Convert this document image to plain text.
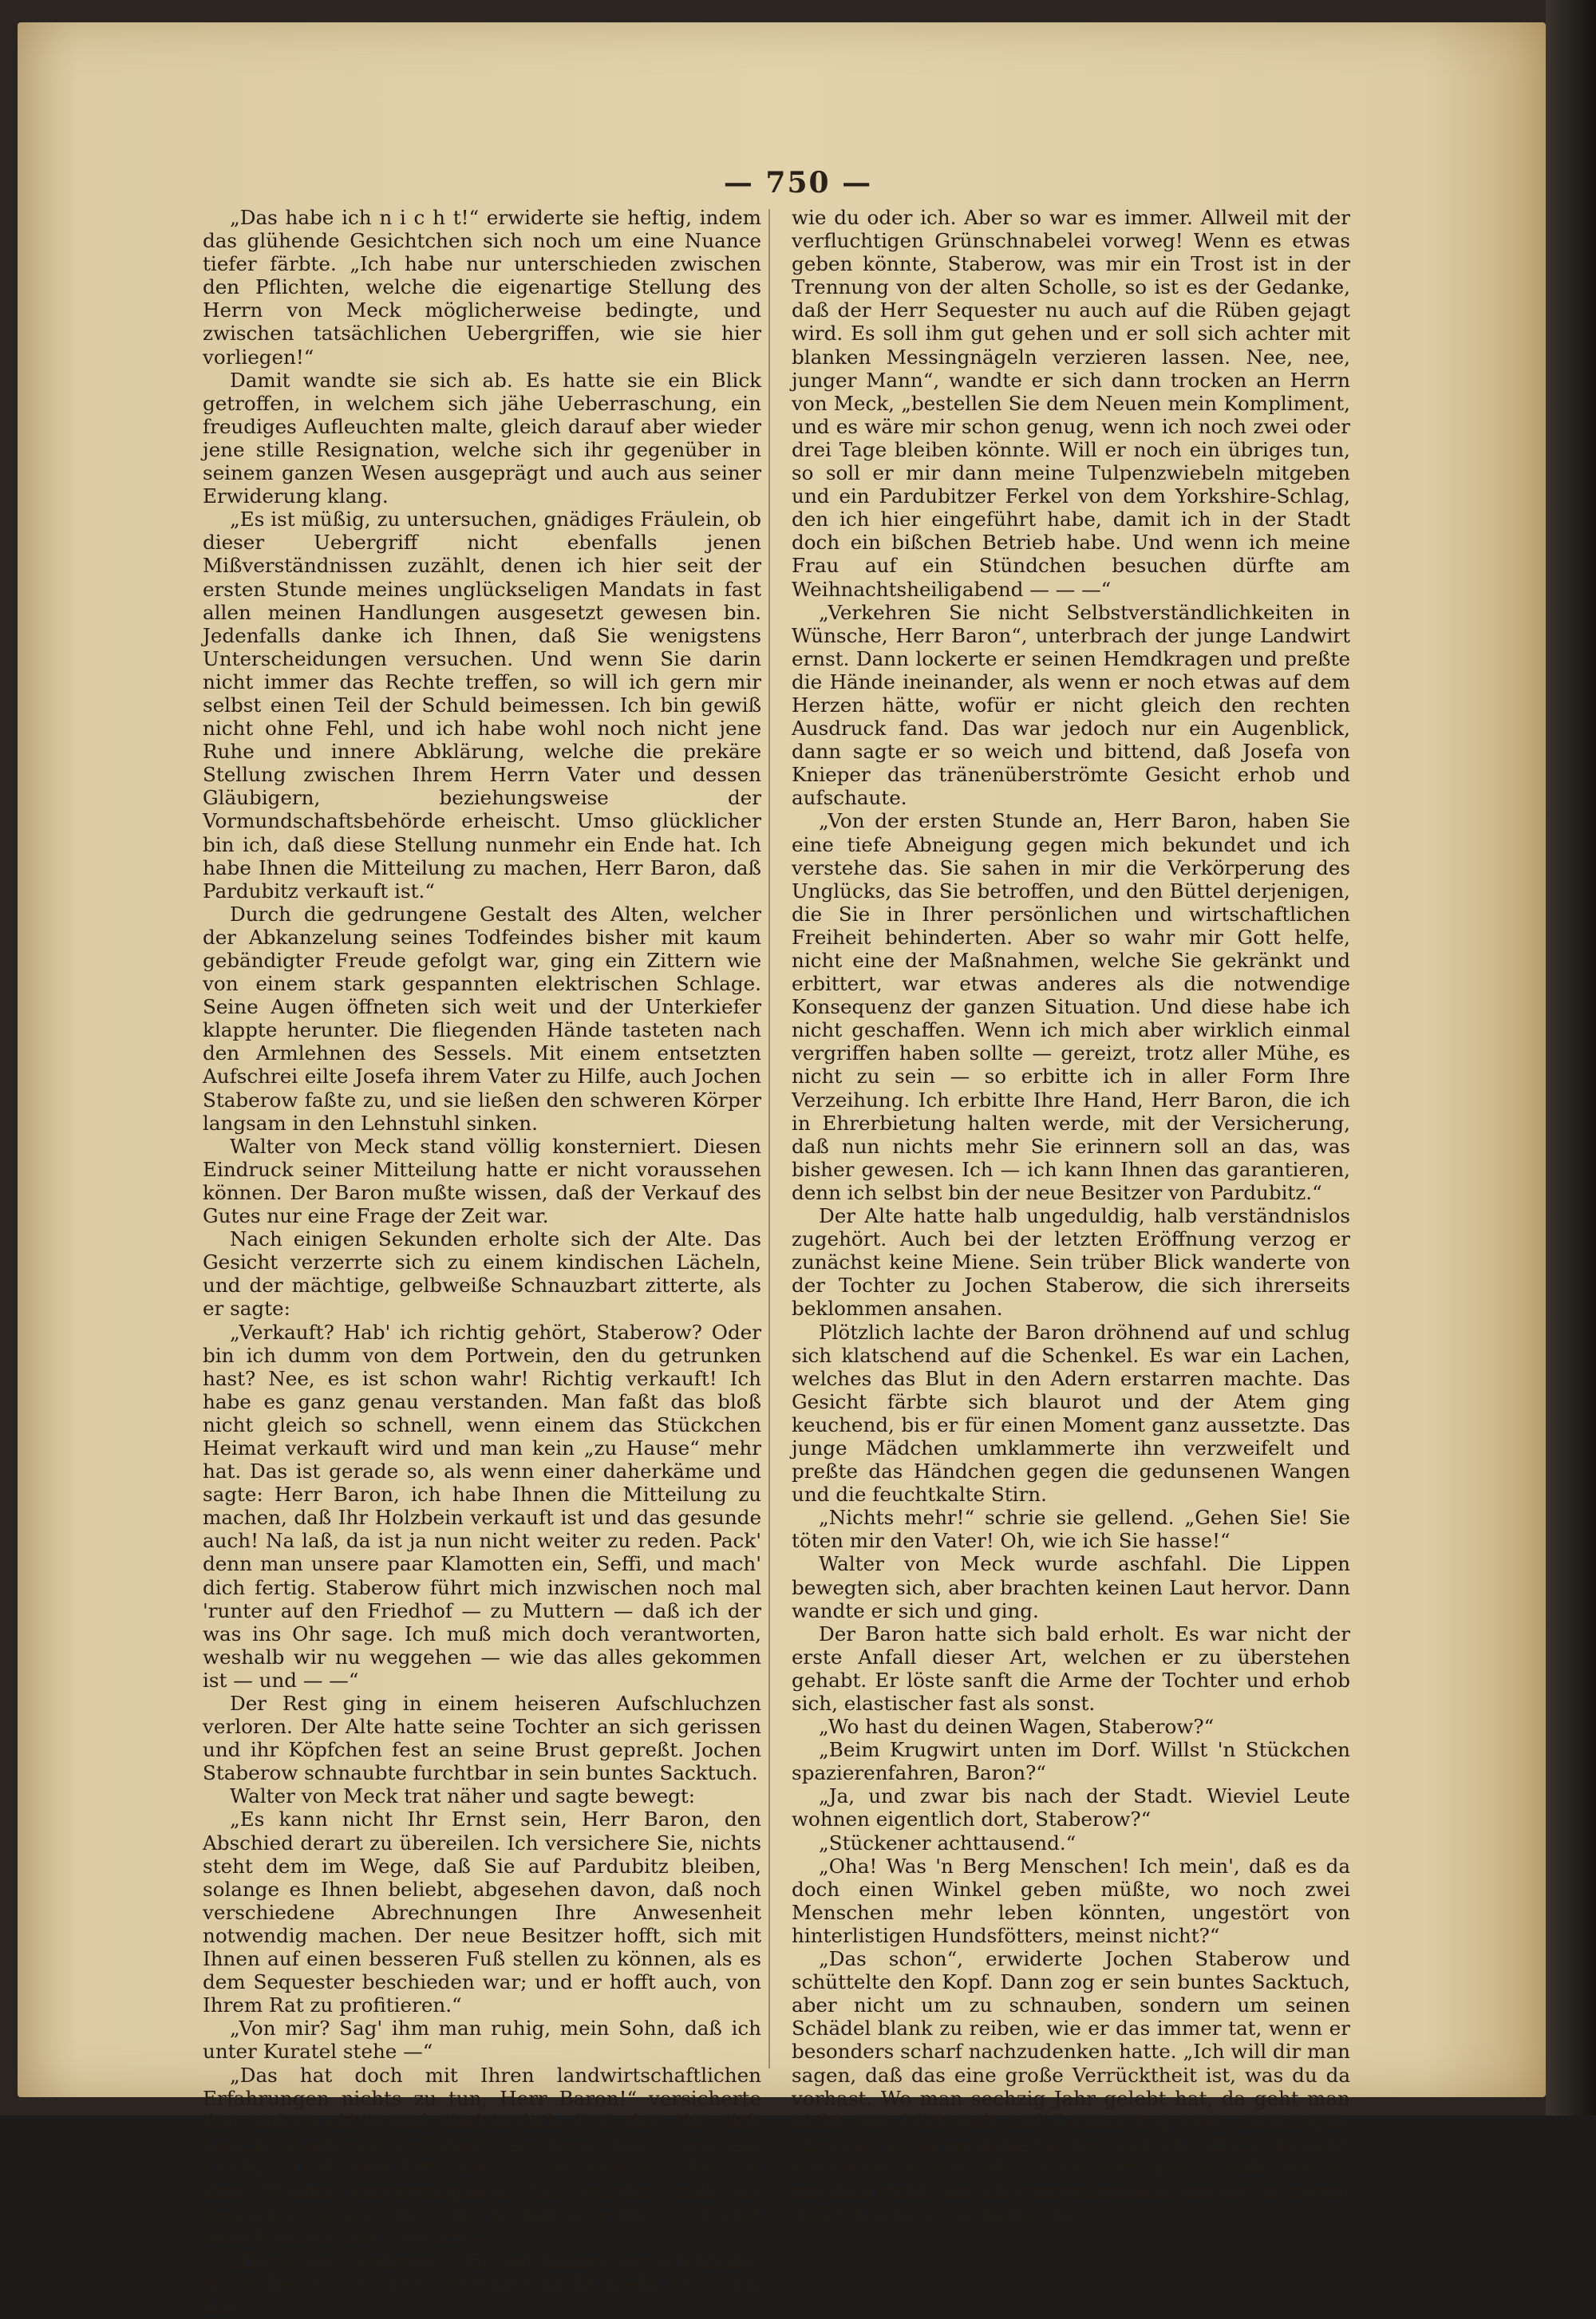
— 750 —

„Das habe ich n i c h t!“ erwiderte sie heftig, indem das glühende Gesichtchen sich noch um eine Nuance tiefer färbte. „Ich habe nur unterschieden zwischen den Pflichten, welche die eigenartige Stellung des Herrn von Meck möglicherweise bedingte, und zwischen tatsächlichen Uebergriffen, wie sie hier vorliegen!“

Damit wandte sie sich ab. Es hatte sie ein Blick getroffen, in welchem sich jähe Ueberraschung, ein freudiges Aufleuchten malte, gleich darauf aber wieder jene stille Resignation, welche sich ihr gegenüber in seinem ganzen Wesen ausgeprägt und auch aus seiner Erwiderung klang.

„Es ist müßig, zu untersuchen, gnädiges Fräulein, ob dieser Uebergriff nicht ebenfalls jenen Mißverständnissen zuzählt, denen ich hier seit der ersten Stunde meines unglückseligen Mandats in fast allen meinen Handlungen ausgesetzt gewesen bin. Jedenfalls danke ich Ihnen, daß Sie wenigstens Unterscheidungen versuchen. Und wenn Sie darin nicht immer das Rechte treffen, so will ich gern mir selbst einen Teil der Schuld beimessen. Ich bin gewiß nicht ohne Fehl, und ich habe wohl noch nicht jene Ruhe und innere Abklärung, welche die prekäre Stellung zwischen Ihrem Herrn Vater und dessen Gläubigern, beziehungsweise der Vormundschaftsbehörde erheischt. Umso glücklicher bin ich, daß diese Stellung nunmehr ein Ende hat. Ich habe Ihnen die Mitteilung zu machen, Herr Baron, daß Pardubitz verkauft ist.“

Durch die gedrungene Gestalt des Alten, welcher der Abkanzelung seines Todfeindes bisher mit kaum gebändigter Freude gefolgt war, ging ein Zittern wie von einem stark gespannten elektrischen Schlage. Seine Augen öffneten sich weit und der Unterkiefer klappte herunter. Die fliegenden Hände tasteten nach den Armlehnen des Sessels. Mit einem entsetzten Aufschrei eilte Josefa ihrem Vater zu Hilfe, auch Jochen Staberow faßte zu, und sie ließen den schweren Körper langsam in den Lehnstuhl sinken.

Walter von Meck stand völlig konsterniert. Diesen Eindruck seiner Mitteilung hatte er nicht voraussehen können. Der Baron mußte wissen, daß der Verkauf des Gutes nur eine Frage der Zeit war.

Nach einigen Sekunden erholte sich der Alte. Das Gesicht verzerrte sich zu einem kindischen Lächeln, und der mächtige, gelbweiße Schnauzbart zitterte, als er sagte:

„Verkauft? Hab' ich richtig gehört, Staberow? Oder bin ich dumm von dem Portwein, den du getrunken hast? Nee, es ist schon wahr! Richtig verkauft! Ich habe es ganz genau verstanden. Man faßt das bloß nicht gleich so schnell, wenn einem das Stückchen Heimat verkauft wird und man kein „zu Hause“ mehr hat. Das ist gerade so, als wenn einer daherkäme und sagte: Herr Baron, ich habe Ihnen die Mitteilung zu machen, daß Ihr Holzbein verkauft ist und das gesunde auch! Na laß, da ist ja nun nicht weiter zu reden. Pack' denn man unsere paar Klamotten ein, Seffi, und mach' dich fertig. Staberow führt mich inzwischen noch mal 'runter auf den Friedhof — zu Muttern — daß ich der was ins Ohr sage. Ich muß mich doch verantworten, weshalb wir nu weggehen — wie das alles gekommen ist — und — —“

Der Rest ging in einem heiseren Aufschluchzen verloren. Der Alte hatte seine Tochter an sich gerissen und ihr Köpfchen fest an seine Brust gepreßt. Jochen Staberow schnaubte furchtbar in sein buntes Sacktuch.

Walter von Meck trat näher und sagte bewegt:

„Es kann nicht Ihr Ernst sein, Herr Baron, den Abschied derart zu übereilen. Ich versichere Sie, nichts steht dem im Wege, daß Sie auf Pardubitz bleiben, solange es Ihnen beliebt, abgesehen davon, daß noch verschiedene Abrechnungen Ihre Anwesenheit notwendig machen. Der neue Besitzer hofft, sich mit Ihnen auf einen besseren Fuß stellen zu können, als es dem Sequester beschieden war; und er hofft auch, von Ihrem Rat zu profitieren.“

„Von mir? Sag' ihm man ruhig, mein Sohn, daß ich unter Kuratel stehe —“

„Das hat doch mit Ihren landwirtschaftlichen Erfahrungen nichts zu tun, Herr Baron!“ versicherte der andere eifrig und eindringlich. Daß der Alte sich hierzu überhaupt geäußert, erschien ihm schon ein Erfolg. „Und dann bitte ich Sie, zu erwägen, daß wir dem Winter entgegengehen. Sie würden sich da besonders schwer in neue Verhältnisse finden. Es ist mein lebhaftester Wunsch —“

„Hörst du, Staberow? Er hat immer noch lebhafte Wünsche, wo er doch jetzt hier nicht mehr zu sagen hat,

wie du oder ich. Aber so war es immer. Allweil mit der verfluchtigen Grünschnabelei vorweg! Wenn es etwas geben könnte, Staberow, was mir ein Trost ist in der Trennung von der alten Scholle, so ist es der Gedanke, daß der Herr Sequester nu auch auf die Rüben gejagt wird. Es soll ihm gut gehen und er soll sich achter mit blanken Messingnägeln verzieren lassen. Nee, nee, junger Mann“, wandte er sich dann trocken an Herrn von Meck, „bestellen Sie dem Neuen mein Kompliment, und es wäre mir schon genug, wenn ich noch zwei oder drei Tage bleiben könnte. Will er noch ein übriges tun, so soll er mir dann meine Tulpenzwiebeln mitgeben und ein Pardubitzer Ferkel von dem Yorkshire-Schlag, den ich hier eingeführt habe, damit ich in der Stadt doch ein bißchen Betrieb habe. Und wenn ich meine Frau auf ein Stündchen besuchen dürfte am Weihnachtsheiligabend — — —“

„Verkehren Sie nicht Selbstverständlichkeiten in Wünsche, Herr Baron“, unterbrach der junge Landwirt ernst. Dann lockerte er seinen Hemdkragen und preßte die Hände ineinander, als wenn er noch etwas auf dem Herzen hätte, wofür er nicht gleich den rechten Ausdruck fand. Das war jedoch nur ein Augenblick, dann sagte er so weich und bittend, daß Josefa von Knieper das tränenüberströmte Gesicht erhob und aufschaute.

„Von der ersten Stunde an, Herr Baron, haben Sie eine tiefe Abneigung gegen mich bekundet und ich verstehe das. Sie sahen in mir die Verkörperung des Unglücks, das Sie betroffen, und den Büttel derjenigen, die Sie in Ihrer persönlichen und wirtschaftlichen Freiheit behinderten. Aber so wahr mir Gott helfe, nicht eine der Maßnahmen, welche Sie gekränkt und erbittert, war etwas anderes als die notwendige Konsequenz der ganzen Situation. Und diese habe ich nicht geschaffen. Wenn ich mich aber wirklich einmal vergriffen haben sollte — gereizt, trotz aller Mühe, es nicht zu sein — so erbitte ich in aller Form Ihre Verzeihung. Ich erbitte Ihre Hand, Herr Baron, die ich in Ehrerbietung halten werde, mit der Versicherung, daß nun nichts mehr Sie erinnern soll an das, was bisher gewesen. Ich — ich kann Ihnen das garantieren, denn ich selbst bin der neue Besitzer von Pardubitz.“

Der Alte hatte halb ungeduldig, halb verständnislos zugehört. Auch bei der letzten Eröffnung verzog er zunächst keine Miene. Sein trüber Blick wanderte von der Tochter zu Jochen Staberow, die sich ihrerseits beklommen ansahen.

Plötzlich lachte der Baron dröhnend auf und schlug sich klatschend auf die Schenkel. Es war ein Lachen, welches das Blut in den Adern erstarren machte. Das Gesicht färbte sich blaurot und der Atem ging keuchend, bis er für einen Moment ganz aussetzte. Das junge Mädchen umklammerte ihn verzweifelt und preßte das Händchen gegen die gedunsenen Wangen und die feuchtkalte Stirn.

„Nichts mehr!“ schrie sie gellend. „Gehen Sie! Sie töten mir den Vater! Oh, wie ich Sie hasse!“

Walter von Meck wurde aschfahl. Die Lippen bewegten sich, aber brachten keinen Laut hervor. Dann wandte er sich und ging.

Der Baron hatte sich bald erholt. Es war nicht der erste Anfall dieser Art, welchen er zu überstehen gehabt. Er löste sanft die Arme der Tochter und erhob sich, elastischer fast als sonst.

„Wo hast du deinen Wagen, Staberow?“

„Beim Krugwirt unten im Dorf. Willst 'n Stückchen spazierenfahren, Baron?“

„Ja, und zwar bis nach der Stadt. Wieviel Leute wohnen eigentlich dort, Staberow?“

„Stückener achttausend.“

„Oha! Was 'n Berg Menschen! Ich mein', daß es da doch einen Winkel geben müßte, wo noch zwei Menschen mehr leben könnten, ungestört von hinterlistigen Hundsfötters, meinst nicht?“

„Das schon“, erwiderte Jochen Staberow und schüttelte den Kopf. Dann zog er sein buntes Sacktuch, aber nicht um zu schnauben, sondern um seinen Schädel blank zu reiben, wie er das immer tat, wenn er besonders scharf nachzudenken hatte. „Ich will dir man sagen, daß das eine große Verrücktheit ist, was du da vorhast. Wo man sechzig Jahr gelebt hat, da geht man nicht von Mittwoch auf Donnerstag weg, sozusagen. Aber das ist ja nu deine Sache, und ich will dir da nicht reinreden, Baron. Als ich gestern gehört hab', wie es um dich steht, bin ich rausgekommen, um dir zu sagen, daß ich in meinem Haus ein
